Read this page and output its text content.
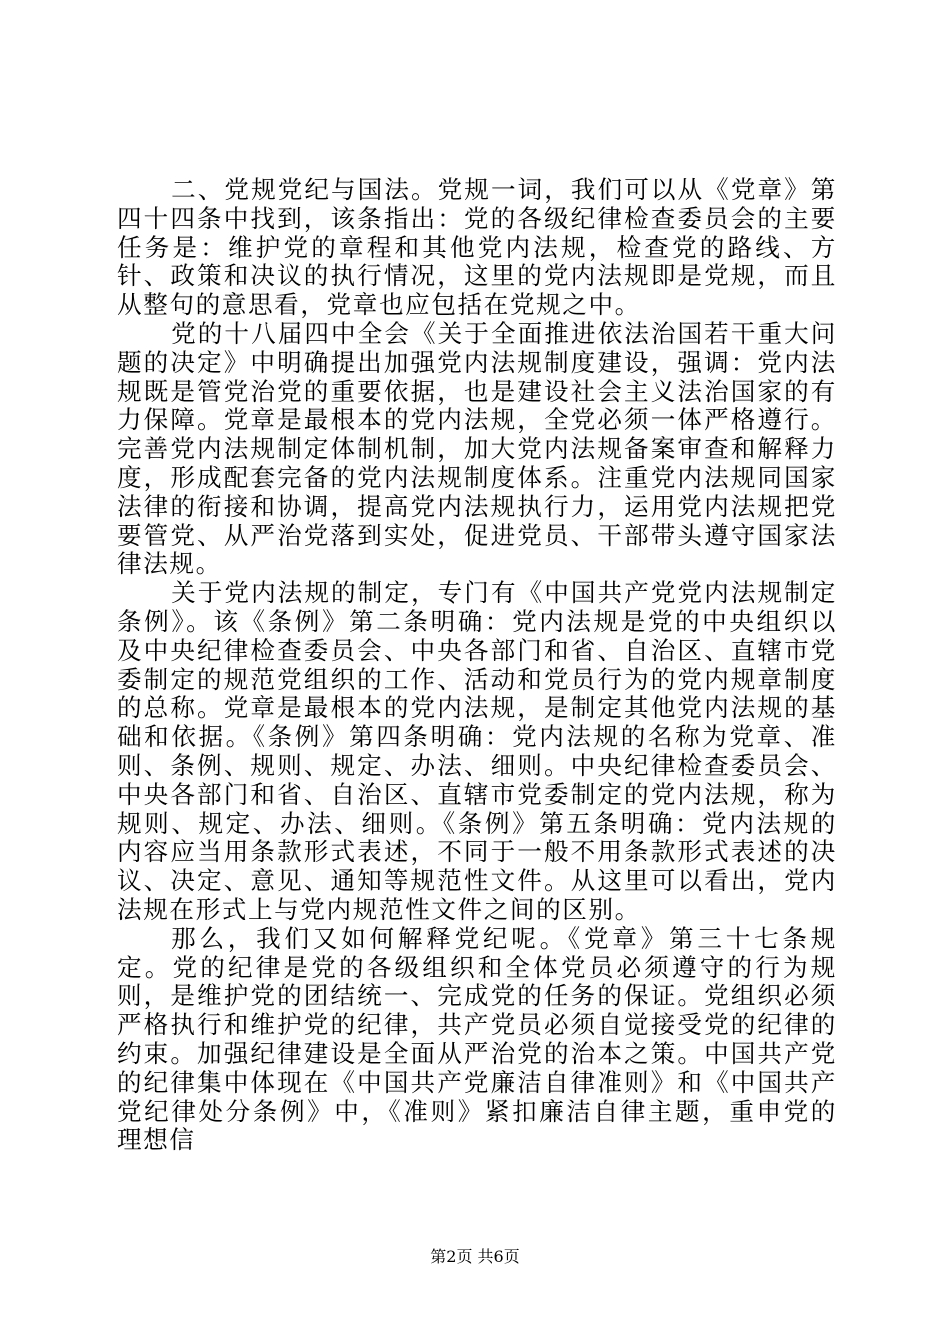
二、党规党纪与国法。党规一词，我们可以从《党章》第四十四条中找到，该条指出：党的各级纪律检查委员会的主要任务是：维护党的章程和其他党内法规，检查党的路线、方针、政策和决议的执行情况，这里的党内法规即是党规，而且从整句的意思看，党章也应包括在党规之中。

党的十八届四中全会《关于全面推进依法治国若干重大问题的决定》中明确提出加强党内法规制度建设，强调：党内法规既是管党治党的重要依据，也是建设社会主义法治国家的有力保障。党章是最根本的党内法规，全党必须一体严格遵行。完善党内法规制定体制机制，加大党内法规备案审查和解释力度，形成配套完备的党内法规制度体系。注重党内法规同国家法律的衔接和协调，提高党内法规执行力，运用党内法规把党要管党、从严治党落到实处，促进党员、干部带头遵守国家法律法规。

关于党内法规的制定，专门有《中国共产党党内法规制定条例》。该《条例》第二条明确：党内法规是党的中央组织以及中央纪律检查委员会、中央各部门和省、自治区、直辖市党委制定的规范党组织的工作、活动和党员行为的党内规章制度的总称。党章是最根本的党内法规，是制定其他党内法规的基础和依据。《条例》第四条明确：党内法规的名称为党章、准则、条例、规则、规定、办法、细则。中央纪律检查委员会、中央各部门和省、自治区、直辖市党委制定的党内法规，称为规则、规定、办法、细则。《条例》第五条明确：党内法规的内容应当用条款形式表述，不同于一般不用条款形式表述的决议、决定、意见、通知等规范性文件。从这里可以看出，党内法规在形式上与党内规范性文件之间的区别。

那么，我们又如何解释党纪呢。《党章》第三十七条规定。党的纪律是党的各级组织和全体党员必须遵守的行为规则，是维护党的团结统一、完成党的任务的保证。党组织必须严格执行和维护党的纪律，共产党员必须自觉接受党的纪律的约束。加强纪律建设是全面从严治党的治本之策。中国共产党的纪律集中体现在《中国共产党廉洁自律准则》和《中国共产党纪律处分条例》中，《准则》紧扣廉洁自律主题，重申党的理想信

第2页 共6页
